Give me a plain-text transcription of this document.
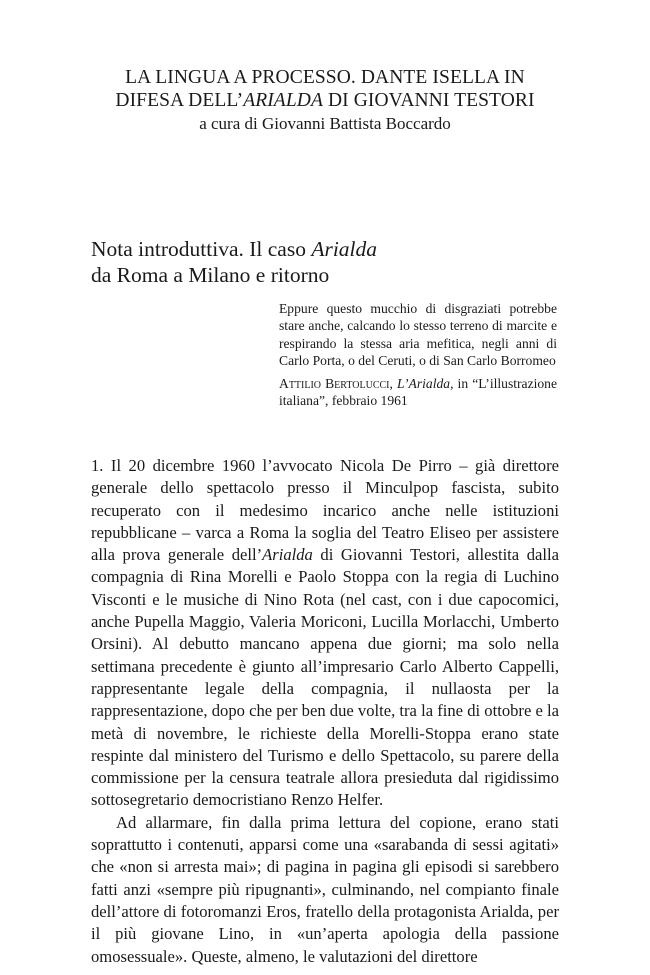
LA LINGUA A PROCESSO. DANTE ISELLA IN
DIFESA DELL’ARIALDA DI GIOVANNI TESTORI
a cura di Giovanni Battista Boccardo
Nota introduttiva. Il caso Arialda
da Roma a Milano e ritorno

Eppure questo mucchio di disgraziati potrebbe stare anche, calcando lo stesso terreno di marcite e respirando la stessa aria mefitica, negli anni di Carlo Porta, o del Ceruti, o di San Carlo Borromeo

Attilio Bertolucci, L’Arialda, in “L’illustrazione italiana”, febbraio 1961

1. Il 20 dicembre 1960 l’avvocato Nicola De Pirro – già direttore generale dello spettacolo presso il Minculpop fascista, subito recuperato con il medesimo incarico anche nelle istituzioni repubblicane – varca a Roma la soglia del Teatro Eliseo per assistere alla prova generale dell’Arialda di Giovanni Testori, allestita dalla compagnia di Rina Morelli e Paolo Stoppa con la regia di Luchino Visconti e le musiche di Nino Rota (nel cast, con i due capocomici, anche Pupella Maggio, Valeria Moriconi, Lucilla Morlacchi, Umberto Orsini). Al debutto mancano appena due giorni; ma solo nella settimana precedente è giunto all’impresario Carlo Alberto Cappelli, rappresentante legale della compagnia, il nullaosta per la rappresentazione, dopo che per ben due volte, tra la fine di ottobre e la metà di novembre, le richieste della Morelli-Stoppa erano state respinte dal ministero del Turismo e dello Spettacolo, su parere della commissione per la censura teatrale allora presieduta dal rigidissimo sottosegretario democristiano Renzo Helfer.

Ad allarmare, fin dalla prima lettura del copione, erano stati soprattutto i contenuti, apparsi come una «sarabanda di sessi agitati» che «non si arresta mai»; di pagina in pagina gli episodi si sarebbero fatti anzi «sempre più ripugnanti», culminando, nel compianto finale dell’attore di fotoromanzi Eros, fratello della protagonista Arialda, per il più giovane Lino, in «un’aperta apologia della passione omosessuale». Queste, almeno, le valutazioni del direttore
